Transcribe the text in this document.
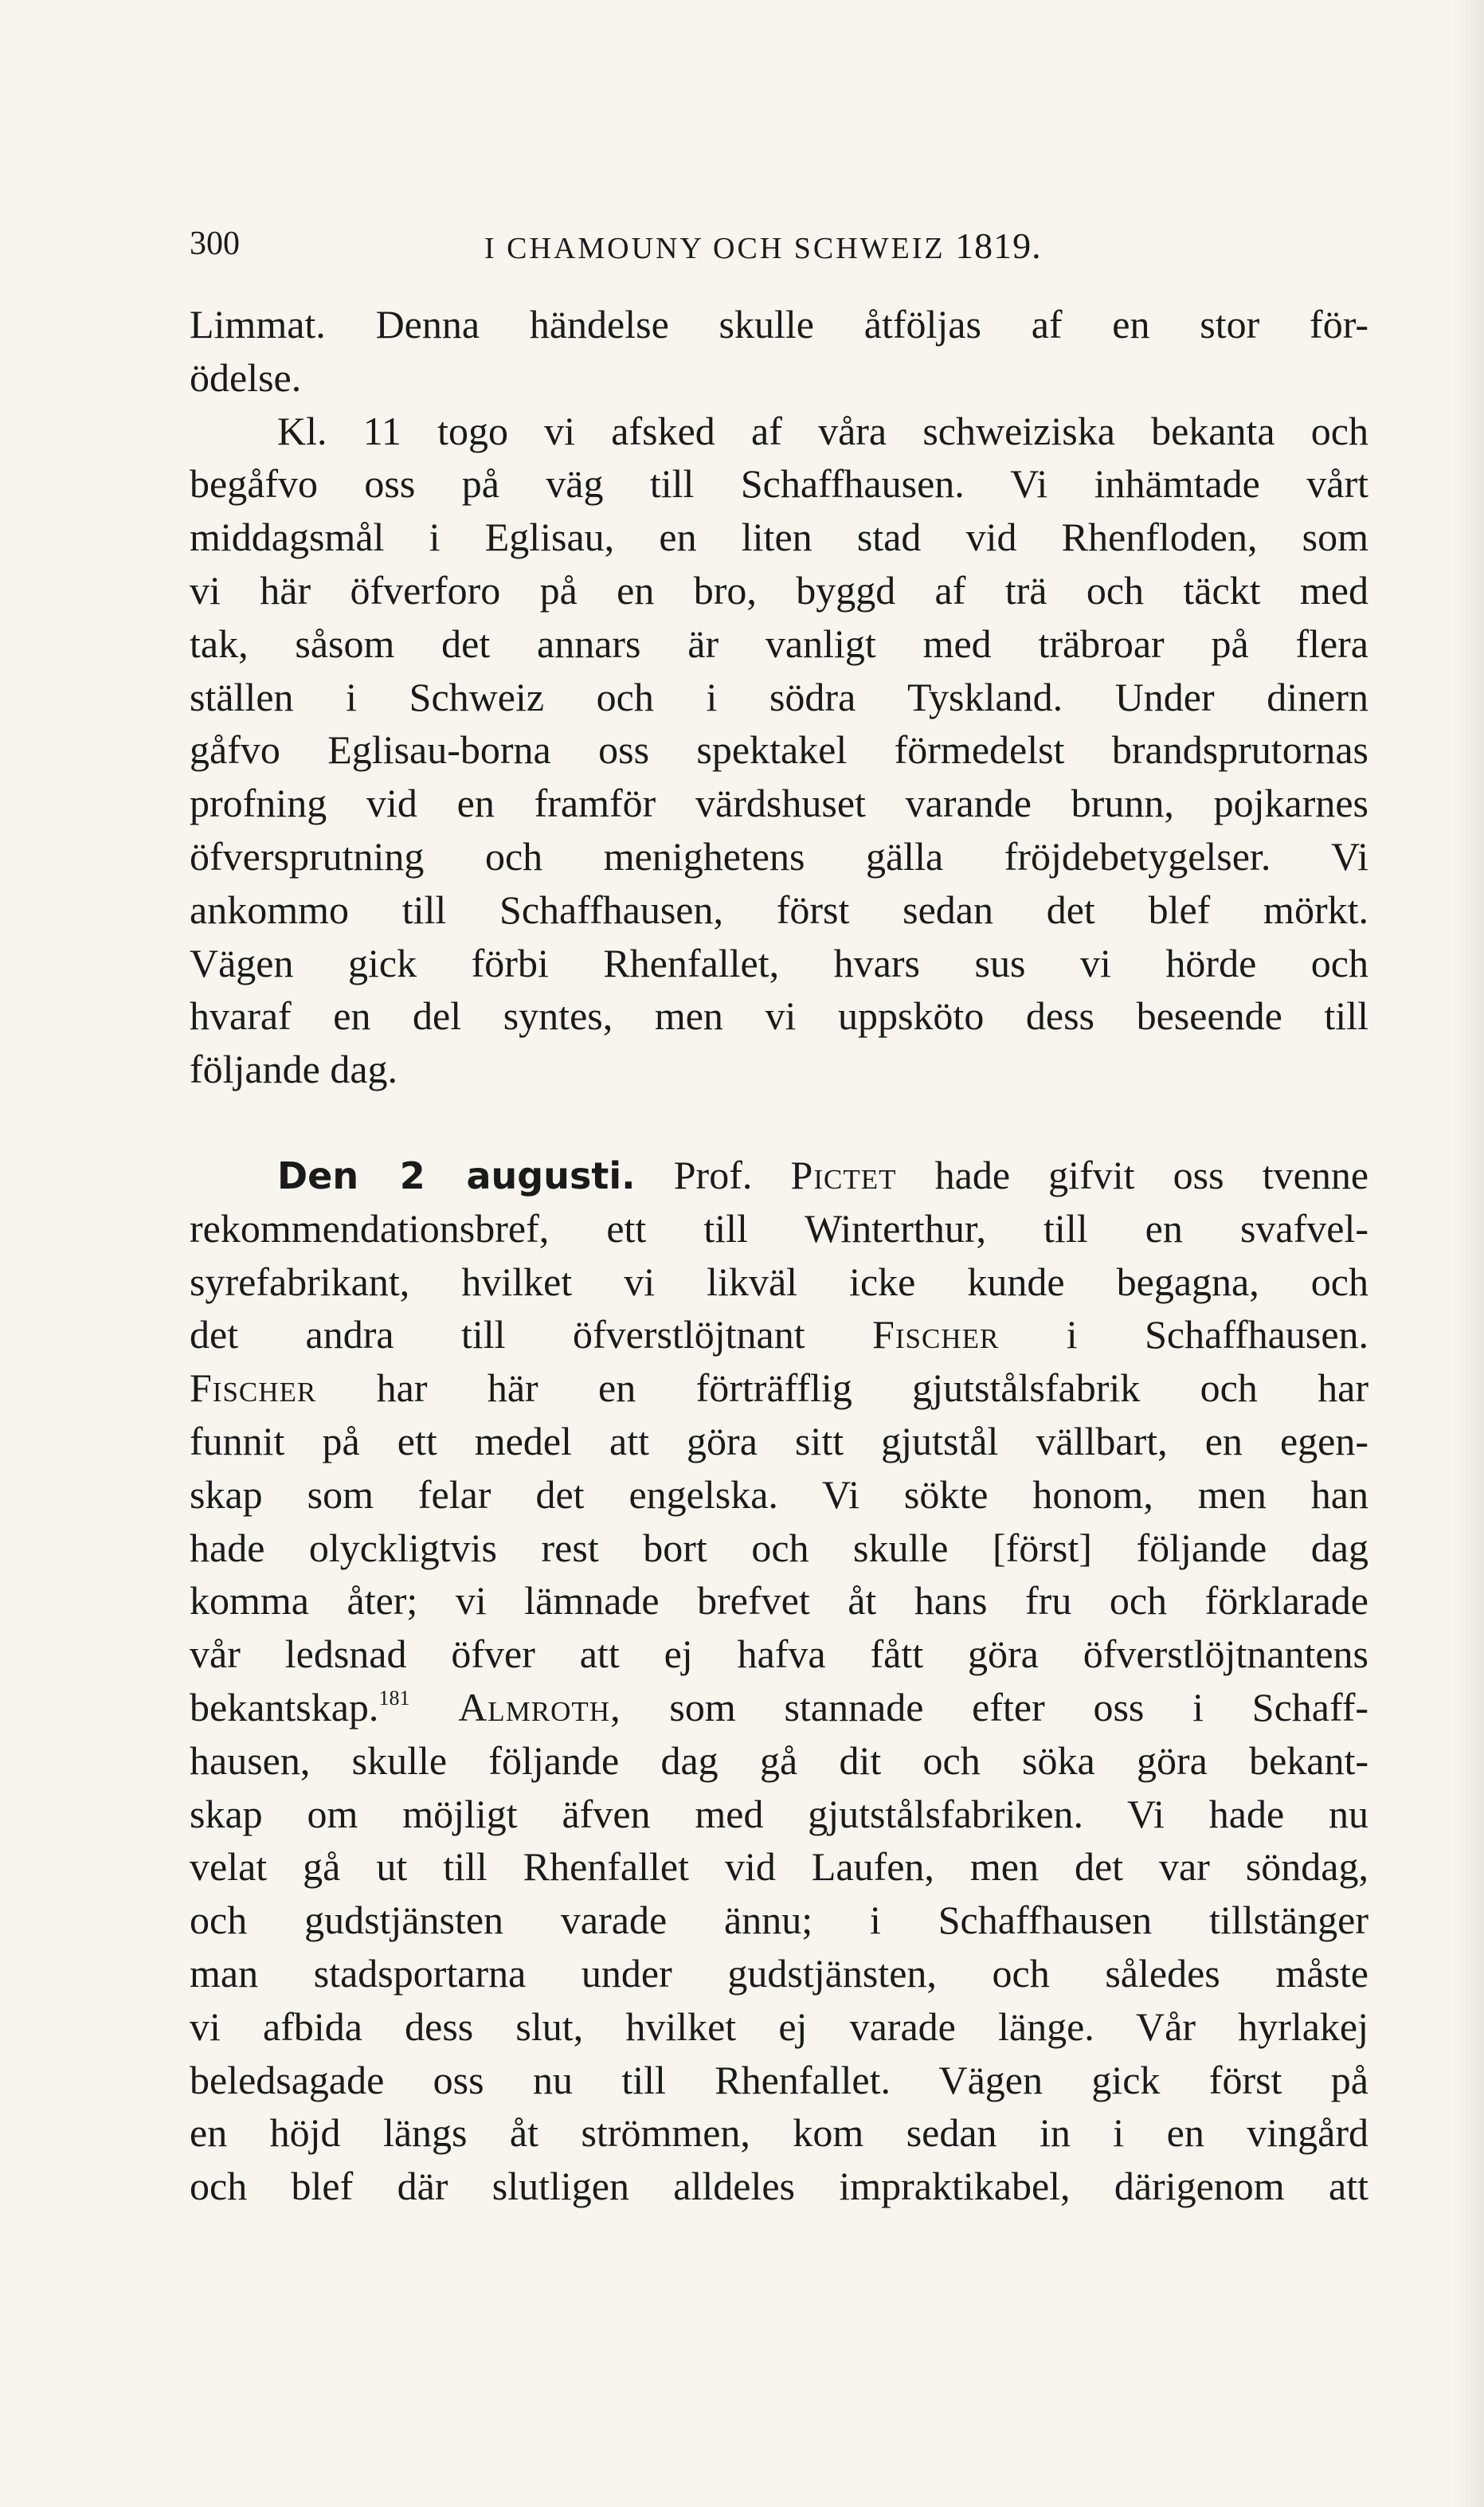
300	I CHAMOUNY OCH SCHWEIZ 1819.
Limmat. Denna händelse skulle åtföljas af en stor för-
ödelse.
Kl. 11 togo vi afsked af våra schweiziska bekanta och
begåfvo oss på väg till Schaffhausen. Vi inhämtade vårt
middagsmål i Eglisau, en liten stad vid Rhenfloden, som
vi här öfverforo på en bro, byggd af trä och täckt med
tak, såsom det annars är vanligt med träbroar på flera
ställen i Schweiz och i södra Tyskland. Under dinern
gåfvo Eglisau-borna oss spektakel förmedelst brandsprutornas
profning vid en framför värdshuset varande brunn, pojkarnes
öfversprutning och menighetens gälla fröjdebetygelser. Vi
ankommo till Schaffhausen, först sedan det blef mörkt.
Vägen gick förbi Rhenfallet, hvars sus vi hörde och
hvaraf en del syntes, men vi uppsköto dess beseende till
följande dag.
Den 2 augusti. Prof. Pictet hade gifvit oss tvenne
rekommendationsbref, ett till Winterthur, till en svafvel-
syrefabrikant, hvilket vi likväl icke kunde begagna, och
det andra till öfverstlöjtnant Fischer i Schaffhausen.
Fischer har här en förträfflig gjutstålsfabrik och har
funnit på ett medel att göra sitt gjutstål vällbart, en egen-
skap som felar det engelska. Vi sökte honom, men han
hade olyckligtvis rest bort och skulle [först] följande dag
komma åter; vi lämnade brefvet åt hans fru och förklarade
vår ledsnad öfver att ej hafva fått göra öfverstlöjtnantens
bekantskap.$^{181}$ Almroth, som stannade efter oss i Schaff-
hausen, skulle följande dag gå dit och söka göra bekant-
skap om möjligt äfven med gjutstålsfabriken. Vi hade nu
velat gå ut till Rhenfallet vid Laufen, men det var söndag,
och gudstjänsten varade ännu; i Schaffhausen tillstänger
man stadsportarna under gudstjänsten, och således måste
vi afbida dess slut, hvilket ej varade länge. Vår hyrlakej
beledsagade oss nu till Rhenfallet. Vägen gick först på
en höjd längs åt strömmen, kom sedan in i en vingård
och blef där slutligen alldeles impraktikabel, därigenom att
